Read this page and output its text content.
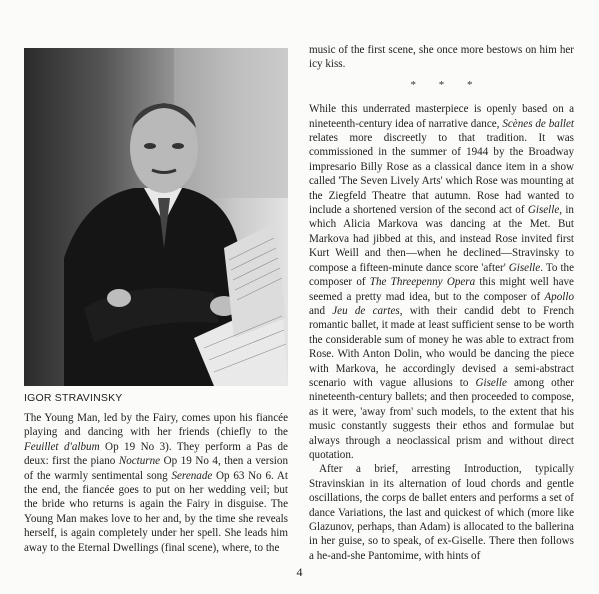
IGOR STRAVINSKY

The Young Man, led by the Fairy, comes upon his fiancée playing and dancing with her friends (chiefly to the Feuillet d'album Op 19 No 3). They perform a Pas de deux: first the piano Nocturne Op 19 No 4, then a version of the warmly sentimental song Serenade Op 63 No 6. At the end, the fiancée goes to put on her wedding veil; but the bride who returns is again the Fairy in disguise. The Young Man makes love to her and, by the time she reveals herself, is again completely under her spell. She leads him away to the Eternal Dwellings (final scene), where, to the

music of the first scene, she once more bestows on him her icy kiss.

* * *

While this underrated masterpiece is openly based on a nineteenth-century idea of narrative dance, Scènes de ballet relates more discreetly to that tradition. It was commissioned in the summer of 1944 by the Broadway impresario Billy Rose as a classical dance item in a show called 'The Seven Lively Arts' which Rose was mounting at the Ziegfeld Theatre that autumn. Rose had wanted to include a shortened version of the second act of Giselle, in which Alicia Markova was dancing at the Met. But Markova had jibbed at this, and instead Rose invited first Kurt Weill and then—when he declined—Stravinsky to compose a fifteen-minute dance score 'after' Giselle. To the composer of The Threepenny Opera this might well have seemed a pretty mad idea, but to the composer of Apollo and Jeu de cartes, with their candid debt to French romantic ballet, it made at least sufficient sense to be worth the considerable sum of money he was able to extract from Rose. With Anton Dolin, who would be dancing the piece with Markova, he accordingly devised a semi-abstract scenario with vague allusions to Giselle among other nineteenth-century ballets; and then proceeded to compose, as it were, 'away from' such models, to the extent that his music constantly suggests their ethos and formulae but always through a neoclassical prism and without direct quotation.

After a brief, arresting Introduction, typically Stravinskian in its alternation of loud chords and gentle oscillations, the corps de ballet enters and performs a set of dance Variations, the last and quickest of which (more like Glazunov, perhaps, than Adam) is allocated to the ballerina in her guise, so to speak, of ex-Giselle. There then follows a he-and-she Pantomime, with hints of

4
